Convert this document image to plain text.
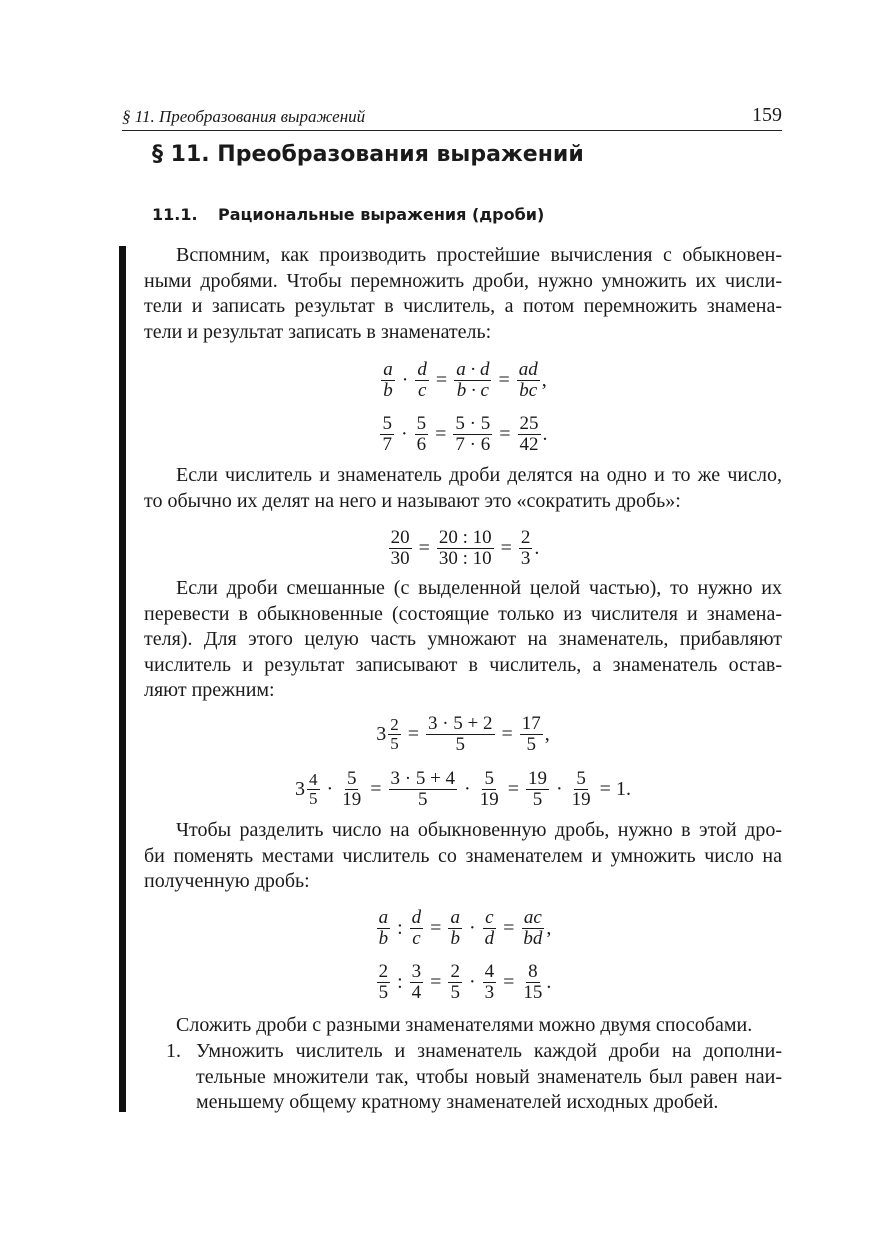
§ 11. Преобразования выражений	159
§ 11. Преобразования выражений
11.1. Рациональные выражения (дроби)
Вспомним, как производить простейшие вычисления с обыкновен-
ными дробями. Чтобы перемножить дроби, нужно умножить их числи-
тели и записать результат в числитель, а потом перемножить знамена-
тели и результат записать в знаменатель:
$\frac{a}{b} \cdot \frac{d}{c} = \frac{a \cdot d}{b \cdot c} = \frac{ad}{bc}$ ,
$\frac{5}{7} \cdot \frac{5}{6} = \frac{5 \cdot 5}{7 \cdot 6} = \frac{25}{42}$ .
Если числитель и знаменатель дроби делятся на одно и то же число,
то обычно их делят на него и называют это «сократить дробь»:
$\frac{20}{30} = \frac{20 : 10}{30 : 10} = \frac{2}{3}$ .
Если дроби смешанные (с выделенной целой частью), то нужно их
перевести в обыкновенные (состоящие только из числителя и знамена-
теля). Для этого целую часть умножают на знаменатель, прибавляют
числитель и результат записывают в числитель, а знаменатель остав-
ляют прежним:
$3 \frac{2}{5} = \frac{3 \cdot 5 + 2}{5} = \frac{17}{5}$ ,
$3 \frac{4}{5} \cdot \frac{5}{19} = \frac{3 \cdot 5 + 4}{5} \cdot \frac{5}{19} = \frac{19}{5} \cdot \frac{5}{19} = 1$.
Чтобы разделить число на обыкновенную дробь, нужно в этой дро-
би поменять местами числитель со знаменателем и умножить число на
полученную дробь:
$\frac{a}{b}$ : $\frac{d}{c} = \frac{a}{b} \cdot \frac{c}{d} = \frac{ac}{bd}$ ,
$\frac{2}{5}$ : $\frac{3}{4} = \frac{2}{5} \cdot \frac{4}{3} = \frac{8}{15}$ .
Сложить дроби с разными знаменателями можно двумя способами.
1. Умножить числитель и знаменатель каждой дроби на дополни-
тельные множители так, чтобы новый знаменатель был равен наи-
меньшему общему кратному знаменателей исходных дробей.
